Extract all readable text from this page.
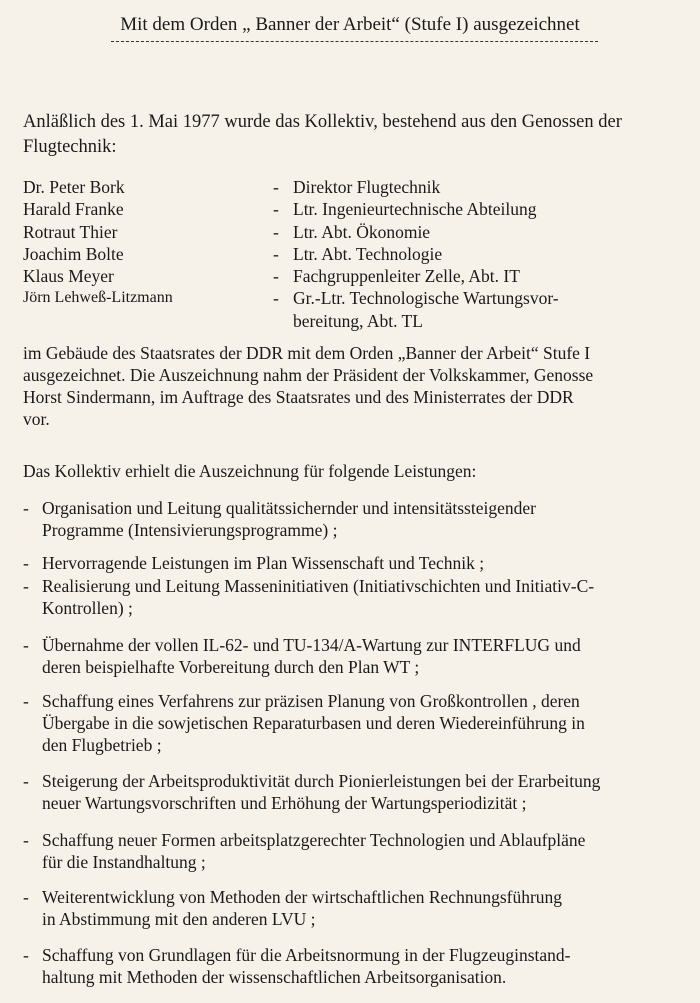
Mit dem Orden „ Banner der Arbeit“ (Stufe I) ausgezeichnet
Anläßlich des 1. Mai 1977 wurde das Kollektiv, bestehend aus den Genossen der
Flugtechnik:
Dr. Peter Bork	- Direktor Flugtechnik
Harald Franke	- Ltr. Ingenieurtechnische Abteilung
Rotraut Thier	- Ltr. Abt. Ökonomie
Joachim Bolte	- Ltr. Abt. Technologie
Klaus Meyer	- Fachgruppenleiter Zelle, Abt. IT
Jörn Lehweß-Litzmann	- Gr.-Ltr. Technologische Wartungsvor-
bereitung, Abt. TL
im Gebäude des Staatsrates der DDR mit dem Orden „Banner der Arbeit“ Stufe I
ausgezeichnet. Die Auszeichnung nahm der Präsident der Volkskammer, Genosse
Horst Sindermann, im Auftrage des Staatsrates und des Ministerrates der DDR
vor.
Das Kollektiv erhielt die Auszeichnung für folgende Leistungen:
- Organisation und Leitung qualitätssichernder und intensitätssteigender
Programme (Intensivierungsprogramme) ;
- Hervorragende Leistungen im Plan Wissenschaft und Technik ;
- Realisierung und Leitung Masseninitiativen (Initiativschichten und Initiativ-C-
Kontrollen) ;
- Übernahme der vollen IL-62- und TU-134/A-Wartung zur INTERFLUG und
deren beispielhafte Vorbereitung durch den Plan WT ;
- Schaffung eines Verfahrens zur präzisen Planung von Großkontrollen , deren
Übergabe in die sowjetischen Reparaturbasen und deren Wiedereinführung in
den Flugbetrieb ;
- Steigerung der Arbeitsproduktivität durch Pionierleistungen bei der Erarbeitung
neuer Wartungsvorschriften und Erhöhung der Wartungsperiodizität ;
- Schaffung neuer Formen arbeitsplatzgerechter Technologien und Ablaufpläne
für die Instandhaltung ;
- Weiterentwicklung von Methoden der wirtschaftlichen Rechnungsführung
in Abstimmung mit den anderen LVU ;
- Schaffung von Grundlagen für die Arbeitsnormung in der Flugzeuginstand-
haltung mit Methoden der wissenschaftlichen Arbeitsorganisation.
